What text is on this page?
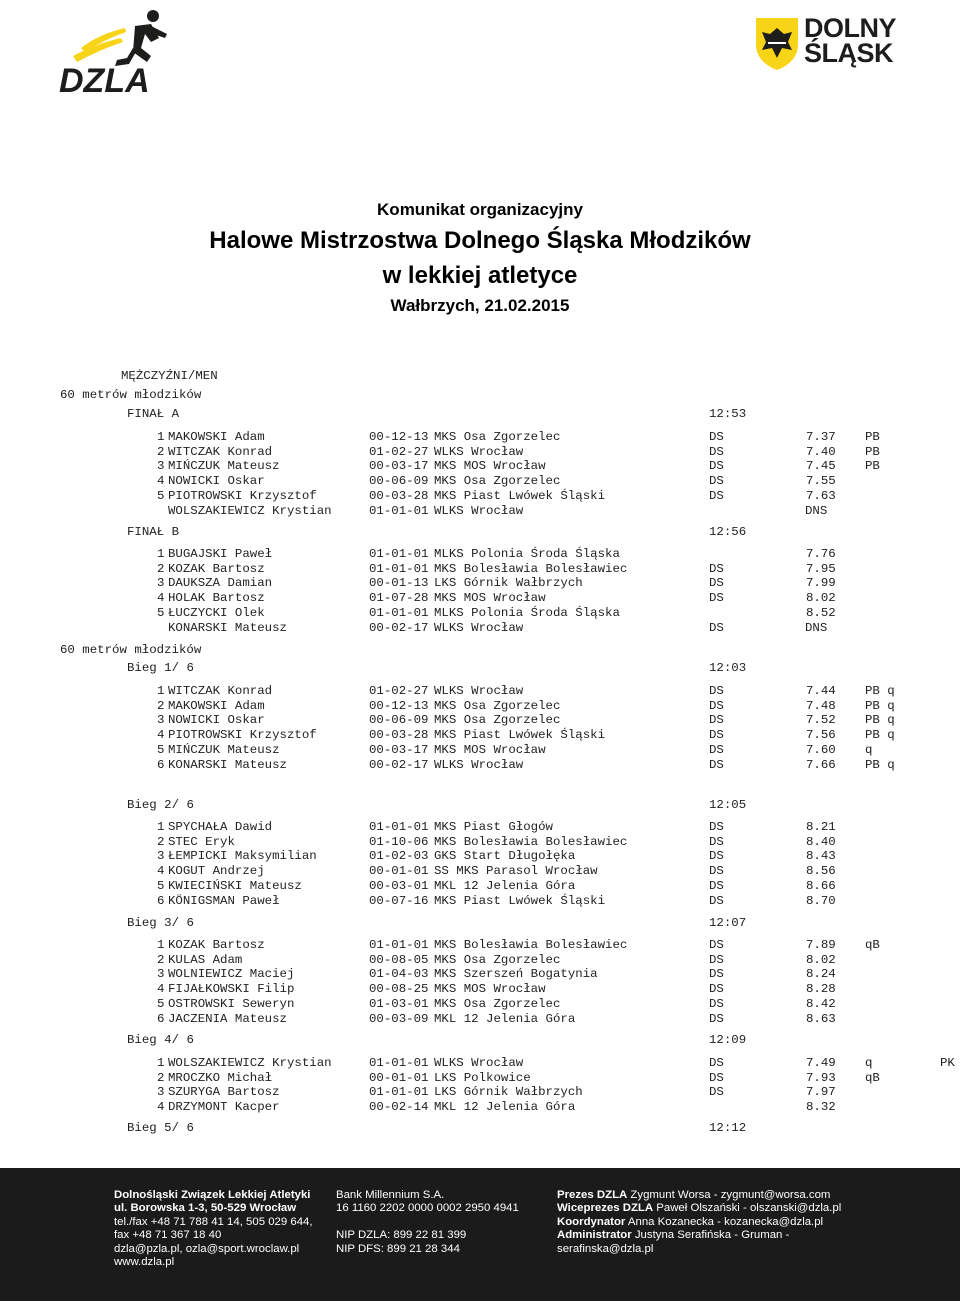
DZLA
DOLNY
ŚLĄSK
Komunikat organizacyjny
Halowe Mistrzostwa Dolnego Śląska Młodzików
w lekkiej atletyce
Wałbrzych, 21.02.2015
MĘŻCZYŹNI/MEN
60 metrów młodzików
FINAŁ A	12:53
1 MAKOWSKI Adam	00-12-13 MKS Osa Zgorzelec	DS	7.37 PB
2 WITCZAK Konrad	01-02-27 WLKS Wrocław	DS	7.40 PB
3 MIŃCZUK Mateusz	00-03-17 MKS MOS Wrocław	DS	7.45 PB
4 NOWICKI Oskar	00-06-09 MKS Osa Zgorzelec	DS	7.55
5 PIOTROWSKI Krzysztof	00-03-28 MKS Piast Lwówek Śląski	DS	7.63
WOLSZAKIEWICZ Krystian	01-01-01 WLKS Wrocław	DNS
FINAŁ B	12:56
1 BUGAJSKI Paweł	01-01-01 MLKS Polonia Środa Śląska	7.76
2 KOZAK Bartosz	01-01-01 MKS Bolesławia Bolesławiec	DS	7.95
3 DAUKSZA Damian	00-01-13 LKS Górnik Wałbrzych	DS	7.99
4 HOLAK Bartosz	01-07-28 MKS MOS Wrocław	DS	8.02
5 ŁUCZYCKI Olek	01-01-01 MLKS Polonia Środa Śląska	8.52
KONARSKI Mateusz	00-02-17 WLKS Wrocław	DS	DNS
60 metrów młodzików
Bieg 1/ 6	12:03
1 WITCZAK Konrad	01-02-27 WLKS Wrocław	DS	7.44 PB q
2 MAKOWSKI Adam	00-12-13 MKS Osa Zgorzelec	DS	7.48 PB q
3 NOWICKI Oskar	00-06-09 MKS Osa Zgorzelec	DS	7.52 PB q
4 PIOTROWSKI Krzysztof	00-03-28 MKS Piast Lwówek Śląski	DS	7.56 PB q
5 MIŃCZUK Mateusz	00-03-17 MKS MOS Wrocław	DS	7.60 q
6 KONARSKI Mateusz	00-02-17 WLKS Wrocław	DS	7.66 PB q
Bieg 2/ 6	12:05
1 SPYCHAŁA Dawid	01-01-01 MKS Piast Głogów	DS	8.21
2 STEC Eryk	01-10-06 MKS Bolesławia Bolesławiec	DS	8.40
3 ŁEMPICKI Maksymilian	01-02-03 GKS Start Długołęka	DS	8.43
4 KOGUT Andrzej	00-01-01 SS MKS Parasol Wrocław	DS	8.56
5 KWIECIŃSKI Mateusz	00-03-01 MKL 12 Jelenia Góra	DS	8.66
6 KÖNIGSMAN Paweł	00-07-16 MKS Piast Lwówek Śląski	DS	8.70
Bieg 3/ 6	12:07
1 KOZAK Bartosz	01-01-01 MKS Bolesławia Bolesławiec	DS	7.89 qB
2 KULAS Adam	00-08-05 MKS Osa Zgorzelec	DS	8.02
3 WOLNIEWICZ Maciej	01-04-03 MKS Szerszeń Bogatynia	DS	8.24
4 FIJAŁKOWSKI Filip	00-08-25 MKS MOS Wrocław	DS	8.28
5 OSTROWSKI Seweryn	01-03-01 MKS Osa Zgorzelec	DS	8.42
6 JACZENIA Mateusz	00-03-09 MKL 12 Jelenia Góra	DS	8.63
Bieg 4/ 6	12:09
1 WOLSZAKIEWICZ Krystian	01-01-01 WLKS Wrocław	DS	7.49 q	PK
2 MROCZKO Michał	00-01-01 LKS Polkowice	DS	7.93 qB
3 SZURYGA Bartosz	01-01-01 LKS Górnik Wałbrzych	DS	7.97
4 DRZYMONT Kacper	00-02-14 MKL 12 Jelenia Góra	8.32
Bieg 5/ 6	12:12
Dolnośląski Związek Lekkiej Atletyki
ul. Borowska 1-3, 50-529 Wrocław
tel./fax +48 71 788 41 14, 505 029 644,
fax +48 71 367 18 40
dzla@pzla.pl, ozla@sport.wroclaw.pl
www.dzla.pl
Bank Millennium S.A.
16 1160 2202 0000 0002 2950 4941

NIP DZLA: 899 22 81 399
NIP DFS: 899 21 28 344
Prezes DZLA Zygmunt Worsa - zygmunt@worsa.com
Wiceprezes DZLA Paweł Olszański - olszanski@dzla.pl
Koordynator Anna Kozanecka - kozanecka@dzla.pl
Administrator Justyna Serafińska - Gruman -
serafinska@dzla.pl
